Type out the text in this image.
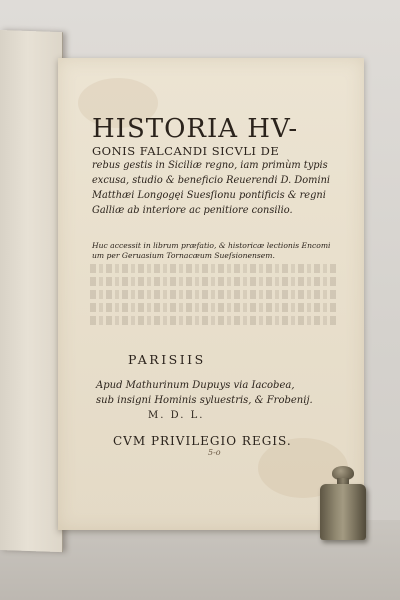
HISTORIA HV-
GONIS FALCANDI SICVLI DE
rebus gestis in Siciliæ regno, iam primùm typis
excusa, studio & beneficio Reuerendi D. Domini
Matthæi Longogęi Suesſionu pontificis & regni
Galliæ ab interiore ac penitiore consilio.
Huc accessit in librum præfatio, & historicæ lectionis Encomi
um per Geruasium Tornacæum Sueſsionensem.
PARISIIS
Apud Mathurinum Dupuys via Iacobea,
sub insigni Hominis syluestris, & Frobenij.
M. D. L.
CVM PRIVILEGIO REGIS.
5-o
